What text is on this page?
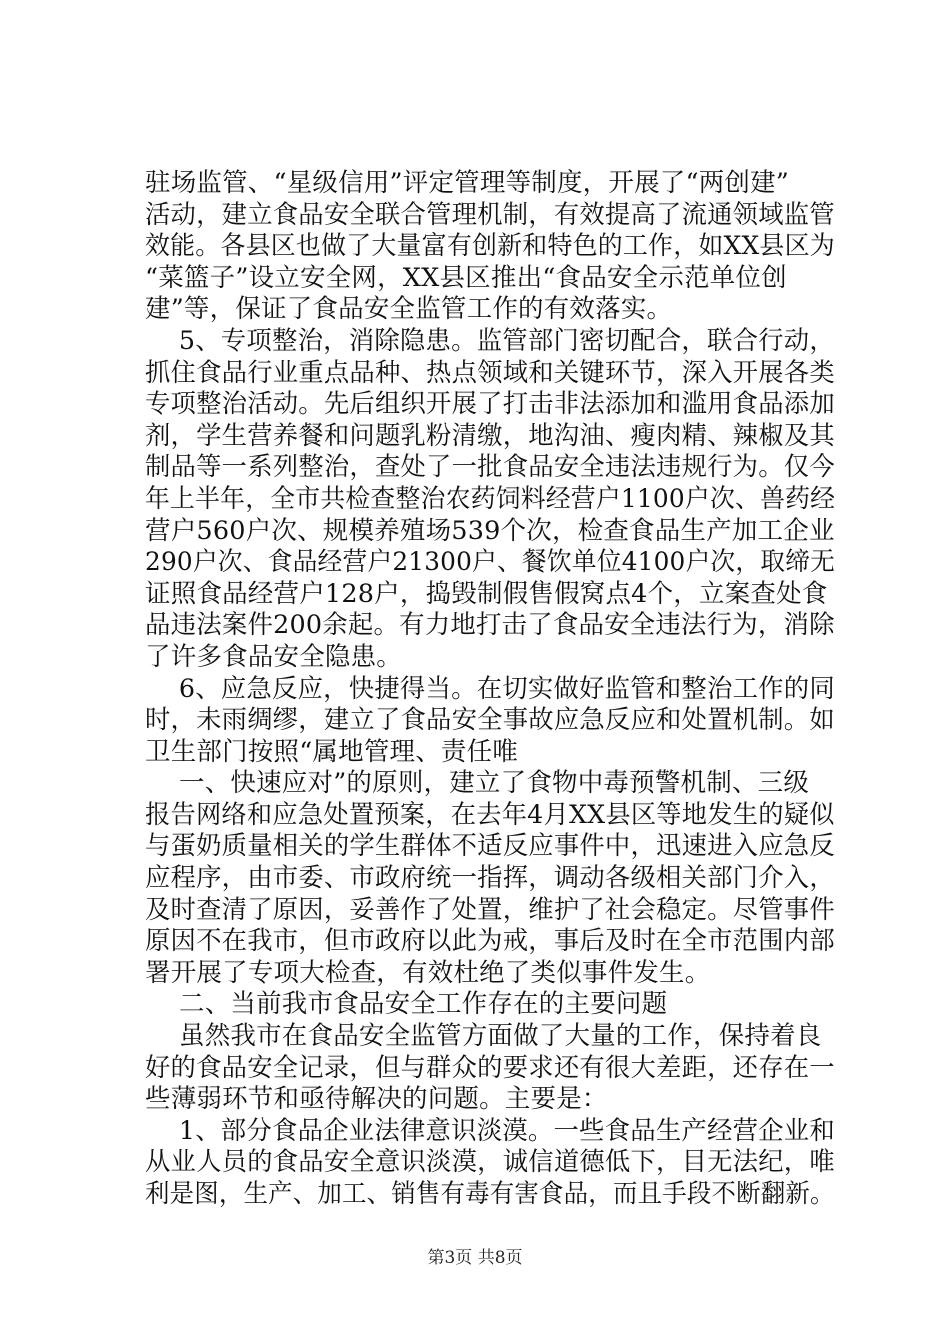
驻场监管、“星级信用”评定管理等制度，开展了“两创建”
活动，建立食品安全联合管理机制，有效提高了流通领域监管
效能。各县区也做了大量富有创新和特色的工作，如XX县区为
“菜篮子”设立安全网，XX县区推出“食品安全示范单位创
建”等，保证了食品安全监管工作的有效落实。
5、专项整治，消除隐患。监管部门密切配合，联合行动，
抓住食品行业重点品种、热点领域和关键环节，深入开展各类
专项整治活动。先后组织开展了打击非法添加和滥用食品添加
剂，学生营养餐和问题乳粉清缴，地沟油、瘦肉精、辣椒及其
制品等一系列整治，查处了一批食品安全违法违规行为。仅今
年上半年，全市共检查整治农药饲料经营户1100户次、兽药经
营户560户次、规模养殖场539个次，检查食品生产加工企业
290户次、食品经营户21300户、餐饮单位4100户次，取缔无
证照食品经营户128户，捣毁制假售假窝点4个，立案查处食
品违法案件200余起。有力地打击了食品安全违法行为，消除
了许多食品安全隐患。
6、应急反应，快捷得当。在切实做好监管和整治工作的同
时，未雨绸缪，建立了食品安全事故应急反应和处置机制。如
卫生部门按照“属地管理、责任唯
一、快速应对”的原则，建立了食物中毒预警机制、三级
报告网络和应急处置预案，在去年4月XX县区等地发生的疑似
与蛋奶质量相关的学生群体不适反应事件中，迅速进入应急反
应程序，由市委、市政府统一指挥，调动各级相关部门介入，
及时查清了原因，妥善作了处置，维护了社会稳定。尽管事件
原因不在我市，但市政府以此为戒，事后及时在全市范围内部
署开展了专项大检查，有效杜绝了类似事件发生。
二、当前我市食品安全工作存在的主要问题
虽然我市在食品安全监管方面做了大量的工作，保持着良
好的食品安全记录，但与群众的要求还有很大差距，还存在一
些薄弱环节和亟待解决的问题。主要是：
1、部分食品企业法律意识淡漠。一些食品生产经营企业和
从业人员的食品安全意识淡漠，诚信道德低下，目无法纪，唯
利是图，生产、加工、销售有毒有害食品，而且手段不断翻新。
第3页 共8页
